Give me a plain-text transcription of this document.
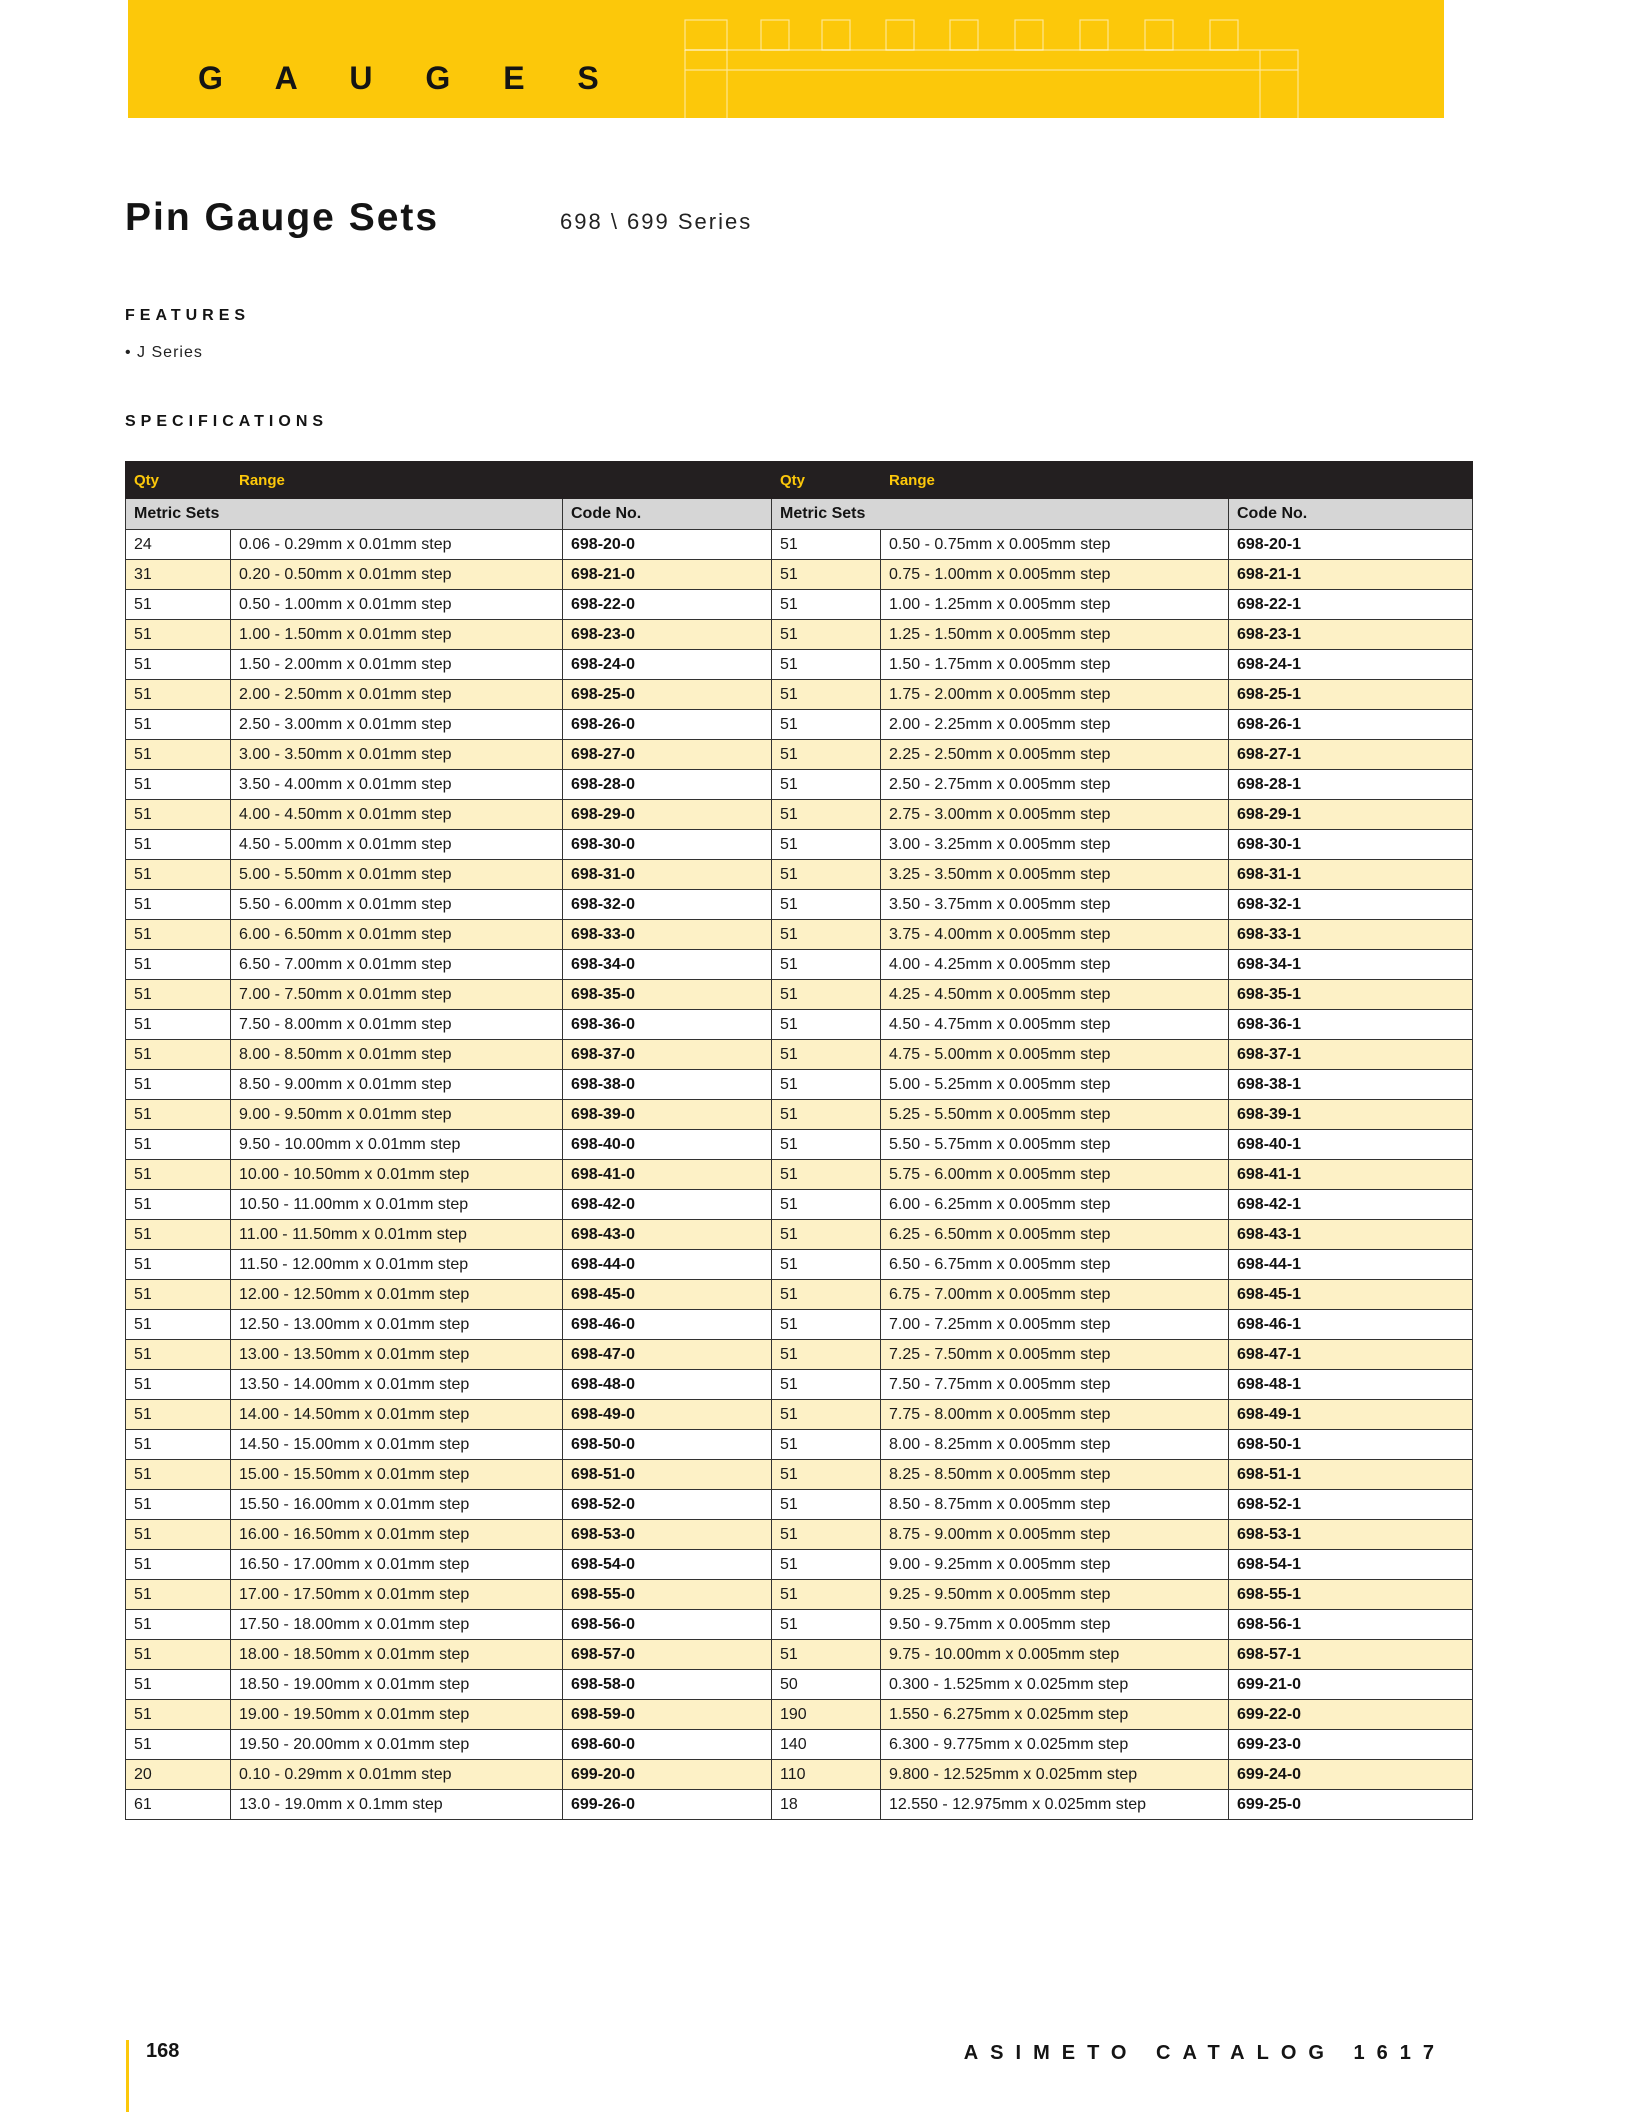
G A U G E S
Pin Gauge Sets	698 \ 699 Series
FEATURES
• J Series
SPECIFICATIONS
Qty	Range		Qty	Range	
Metric Sets		Code No.	Metric Sets		Code No.
24	0.06 - 0.29mm x 0.01mm step	698-20-0	51	0.50 - 0.75mm x 0.005mm step	698-20-1
31	0.20 - 0.50mm x 0.01mm step	698-21-0	51	0.75 - 1.00mm x 0.005mm step	698-21-1
51	0.50 - 1.00mm x 0.01mm step	698-22-0	51	1.00 - 1.25mm x 0.005mm step	698-22-1
51	1.00 - 1.50mm x 0.01mm step	698-23-0	51	1.25 - 1.50mm x 0.005mm step	698-23-1
51	1.50 - 2.00mm x 0.01mm step	698-24-0	51	1.50 - 1.75mm x 0.005mm step	698-24-1
51	2.00 - 2.50mm x 0.01mm step	698-25-0	51	1.75 - 2.00mm x 0.005mm step	698-25-1
51	2.50 - 3.00mm x 0.01mm step	698-26-0	51	2.00 - 2.25mm x 0.005mm step	698-26-1
51	3.00 - 3.50mm x 0.01mm step	698-27-0	51	2.25 - 2.50mm x 0.005mm step	698-27-1
51	3.50 - 4.00mm x 0.01mm step	698-28-0	51	2.50 - 2.75mm x 0.005mm step	698-28-1
51	4.00 - 4.50mm x 0.01mm step	698-29-0	51	2.75 - 3.00mm x 0.005mm step	698-29-1
51	4.50 - 5.00mm x 0.01mm step	698-30-0	51	3.00 - 3.25mm x 0.005mm step	698-30-1
51	5.00 - 5.50mm x 0.01mm step	698-31-0	51	3.25 - 3.50mm x 0.005mm step	698-31-1
51	5.50 - 6.00mm x 0.01mm step	698-32-0	51	3.50 - 3.75mm x 0.005mm step	698-32-1
51	6.00 - 6.50mm x 0.01mm step	698-33-0	51	3.75 - 4.00mm x 0.005mm step	698-33-1
51	6.50 - 7.00mm x 0.01mm step	698-34-0	51	4.00 - 4.25mm x 0.005mm step	698-34-1
51	7.00 - 7.50mm x 0.01mm step	698-35-0	51	4.25 - 4.50mm x 0.005mm step	698-35-1
51	7.50 - 8.00mm x 0.01mm step	698-36-0	51	4.50 - 4.75mm x 0.005mm step	698-36-1
51	8.00 - 8.50mm x 0.01mm step	698-37-0	51	4.75 - 5.00mm x 0.005mm step	698-37-1
51	8.50 - 9.00mm x 0.01mm step	698-38-0	51	5.00 - 5.25mm x 0.005mm step	698-38-1
51	9.00 - 9.50mm x 0.01mm step	698-39-0	51	5.25 - 5.50mm x 0.005mm step	698-39-1
51	9.50 - 10.00mm x 0.01mm step	698-40-0	51	5.50 - 5.75mm x 0.005mm step	698-40-1
51	10.00 - 10.50mm x 0.01mm step	698-41-0	51	5.75 - 6.00mm x 0.005mm step	698-41-1
51	10.50 - 11.00mm x 0.01mm step	698-42-0	51	6.00 - 6.25mm x 0.005mm step	698-42-1
51	11.00 - 11.50mm x 0.01mm step	698-43-0	51	6.25 - 6.50mm x 0.005mm step	698-43-1
51	11.50 - 12.00mm x 0.01mm step	698-44-0	51	6.50 - 6.75mm x 0.005mm step	698-44-1
51	12.00 - 12.50mm x 0.01mm step	698-45-0	51	6.75 - 7.00mm x 0.005mm step	698-45-1
51	12.50 - 13.00mm x 0.01mm step	698-46-0	51	7.00 - 7.25mm x 0.005mm step	698-46-1
51	13.00 - 13.50mm x 0.01mm step	698-47-0	51	7.25 - 7.50mm x 0.005mm step	698-47-1
51	13.50 - 14.00mm x 0.01mm step	698-48-0	51	7.50 - 7.75mm x 0.005mm step	698-48-1
51	14.00 - 14.50mm x 0.01mm step	698-49-0	51	7.75 - 8.00mm x 0.005mm step	698-49-1
51	14.50 - 15.00mm x 0.01mm step	698-50-0	51	8.00 - 8.25mm x 0.005mm step	698-50-1
51	15.00 - 15.50mm x 0.01mm step	698-51-0	51	8.25 - 8.50mm x 0.005mm step	698-51-1
51	15.50 - 16.00mm x 0.01mm step	698-52-0	51	8.50 - 8.75mm x 0.005mm step	698-52-1
51	16.00 - 16.50mm x 0.01mm step	698-53-0	51	8.75 - 9.00mm x 0.005mm step	698-53-1
51	16.50 - 17.00mm x 0.01mm step	698-54-0	51	9.00 - 9.25mm x 0.005mm step	698-54-1
51	17.00 - 17.50mm x 0.01mm step	698-55-0	51	9.25 - 9.50mm x 0.005mm step	698-55-1
51	17.50 - 18.00mm x 0.01mm step	698-56-0	51	9.50 - 9.75mm x 0.005mm step	698-56-1
51	18.00 - 18.50mm x 0.01mm step	698-57-0	51	9.75 - 10.00mm x 0.005mm step	698-57-1
51	18.50 - 19.00mm x 0.01mm step	698-58-0	50	0.300 - 1.525mm x 0.025mm step	699-21-0
51	19.00 - 19.50mm x 0.01mm step	698-59-0	190	1.550 - 6.275mm x 0.025mm step	699-22-0
51	19.50 - 20.00mm x 0.01mm step	698-60-0	140	6.300 - 9.775mm x 0.025mm step	699-23-0
20	0.10 - 0.29mm x 0.01mm step	699-20-0	110	9.800 - 12.525mm x 0.025mm step	699-24-0
61	13.0 - 19.0mm x 0.1mm step	699-26-0	18	12.550 - 12.975mm x 0.025mm step	699-25-0
168	ASIMETO CATALOG 1617
